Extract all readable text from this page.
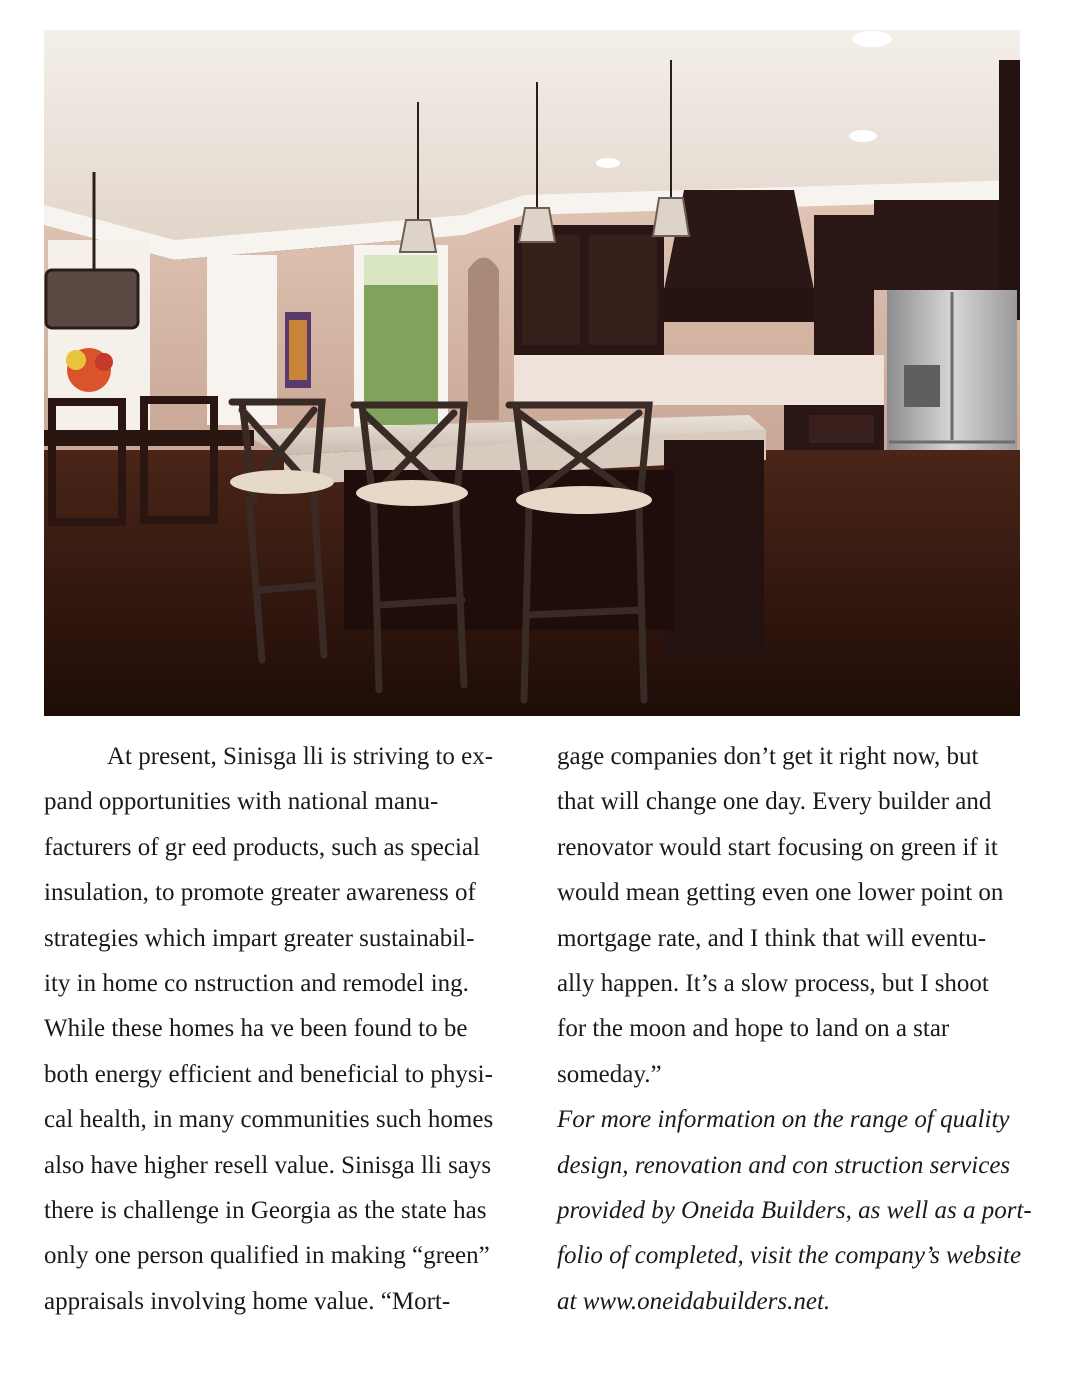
At present, Sinisga lli is striving to ex-
pand opportunities with national manu-
facturers of gr eed products, such as special
insulation, to promote greater awareness of
strategies which impart greater sustainabil-
ity in home co nstruction and remodel ing.
While these homes ha ve been found to be
both energy efficient and beneficial to physi-
cal health, in many communities such homes
also have higher resell value. Sinisga lli says
there is challenge in Georgia as the state has
only one person qualified in making “green”
appraisals involving home value. “Mort-
gage companies don’t get it right now, but
that will change one day. Every builder and
renovator would start focusing on green if it
would mean getting even one lower point on
mortgage rate, and I think that will eventu-
ally happen. It’s a slow process, but I shoot
for the moon and hope to land on a star
someday.”
For more information on the range of quality
design, renovation and con struction services
provided by Oneida Builders, as well as a port-
folio of completed, visit the company’s website
at www.oneidabuilders.net.
